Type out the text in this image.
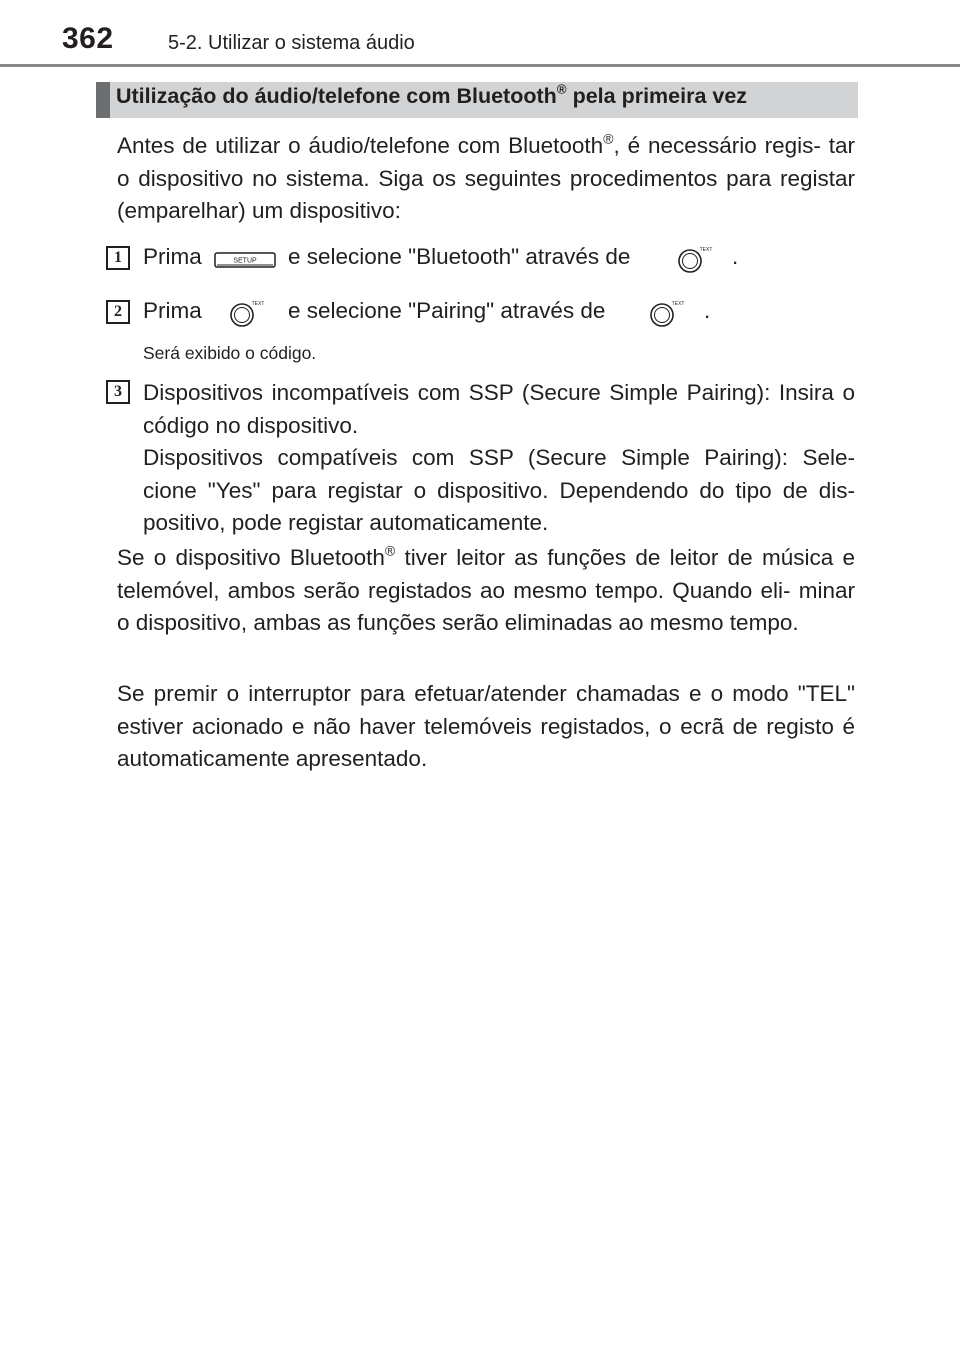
362	5-2. Utilizar o sistema áudio
Utilização do áudio/telefone com Bluetooth® pela primeira vez
Antes de utilizar o áudio/telefone com Bluetooth®, é necessário regis- tar o dispositivo no sistema. Siga os seguintes procedimentos para registar (emparelhar) um dispositivo:
1 Prima	SETUP e selecione "Bluetooth" através de	TEXT .
2 Prima	TEXT e selecione "Pairing" através de	TEXT .
Será exibido o código.
3 Dispositivos incompatíveis com SSP (Secure Simple Pairing): Insira o código no dispositivo.
Dispositivos compatíveis com SSP (Secure Simple Pairing): Sele- cione "Yes" para registar o dispositivo. Dependendo do tipo de dis- positivo, pode registar automaticamente.
Se o dispositivo Bluetooth® tiver leitor as funções de leitor de música e telemóvel, ambos serão registados ao mesmo tempo. Quando eli- minar o dispositivo, ambas as funções serão eliminadas ao mesmo tempo.
Se premir o interruptor para efetuar/atender chamadas e o modo "TEL" estiver acionado e não haver telemóveis registados, o ecrã de registo é automaticamente apresentado.
